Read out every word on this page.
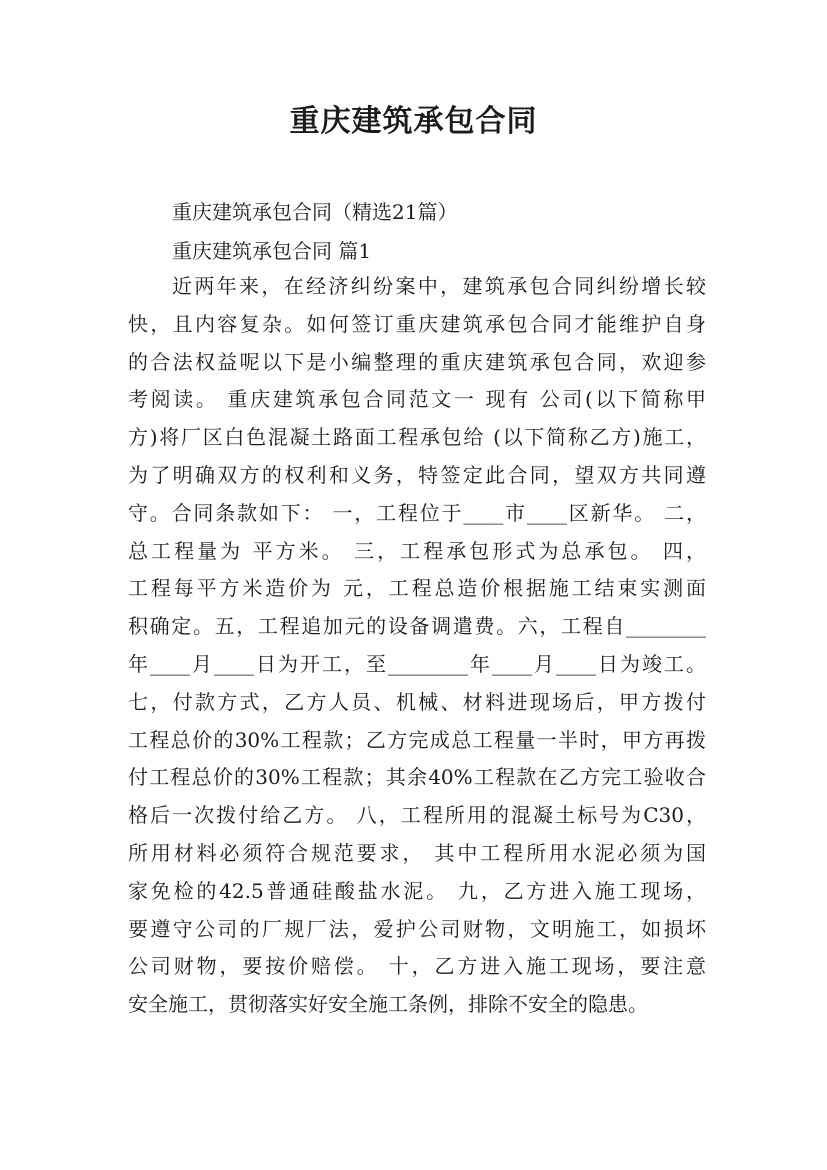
重庆建筑承包合同
重庆建筑承包合同（精选21篇）
重庆建筑承包合同 篇1
近两年来，在经济纠纷案中，建筑承包合同纠纷增长较
快，且内容复杂。如何签订重庆建筑承包合同才能维护自身
的合法权益呢以下是小编整理的重庆建筑承包合同，欢迎参
考阅读。 重庆建筑承包合同范文一 现有 公司(以下简称甲
方)将厂区白色混凝土路面工程承包给 (以下简称乙方)施工，
为了明确双方的权利和义务，特签定此合同，望双方共同遵
守。合同条款如下： 一，工程位于____市____区新华。 二，
总工程量为 平方米。 三，工程承包形式为总承包。 四，
工程每平方米造价为 元，工程总造价根据施工结束实测面
积确定。五，工程追加元的设备调遣费。六，工程自________
年____月____日为开工，至________年____月____日为竣工。
七，付款方式，乙方人员、机械、材料进现场后，甲方拨付
工程总价的30%工程款；乙方完成总工程量一半时，甲方再拨
付工程总价的30%工程款；其余40%工程款在乙方完工验收合
格后一次拨付给乙方。 八，工程所用的混凝土标号为C30，
所用材料必须符合规范要求， 其中工程所用水泥必须为国
家免检的42.5普通硅酸盐水泥。 九，乙方进入施工现场，
要遵守公司的厂规厂法，爱护公司财物，文明施工，如损坏
公司财物，要按价赔偿。 十，乙方进入施工现场，要注意
安全施工，贯彻落实好安全施工条例，排除不安全的隐患。
